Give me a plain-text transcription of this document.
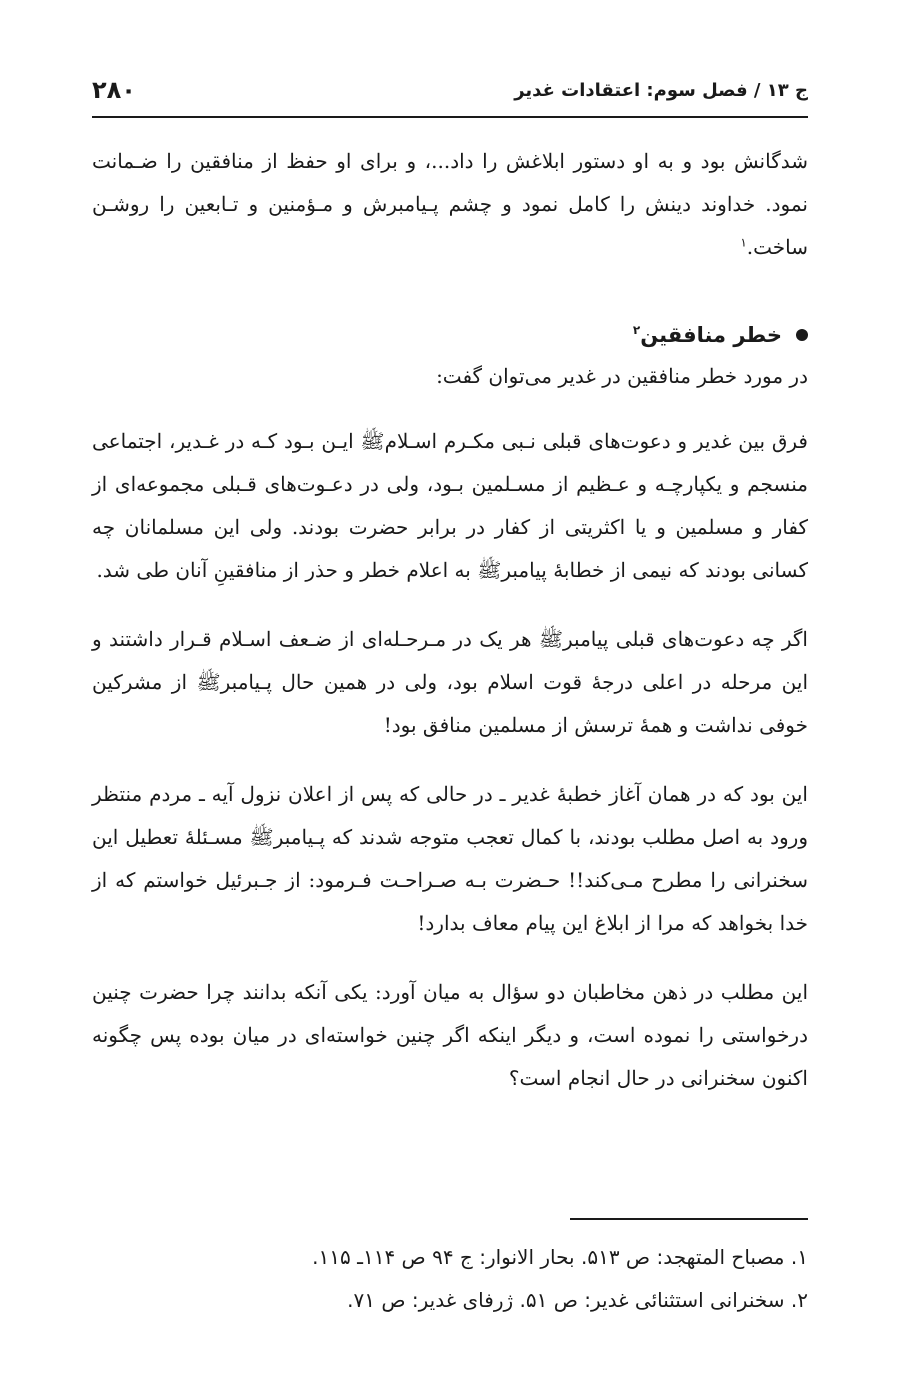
ج ۱۳ / فصل سوم: اعتقادات غدیر
۲۸۰

شدگانش بود و به او دستور ابلاغش را داد...، و برای او حفظ از منافقین را ضـمانت نمود. خداوند دینش را کامل نمود و چشم پـیامبرش و مـؤمنین و تـابعین را روشـن ساخت.$^۱$

خطر منافقین$^۲$

در مورد خطر منافقین در غدیر می‌توان گفت:

فرق بین غدیر و دعوت‌های قبلی نـبی مکـرم اسـلامﷺ ایـن بـود کـه در غـدیر، اجتماعی منسجم و یکپارچـه و عـظیم از مسـلمین بـود، ولی در دعـوت‌های قـبلی مجموعه‌ای از کفار و مسلمین و یا اکثریتی از کفار در برابر حضرت بودند. ولی این مسلمانان چه کسانی بودند که نیمی از خطابهٔ پیامبرﷺ به اعلام خطر و حذر از منافقینِ آنان طی شد.

اگر چه دعوت‌های قبلی پیامبرﷺ هر یک در مـرحـله‌ای از ضـعف اسـلام قـرار داشتند و این مرحله در اعلی درجهٔ قوت اسلام بود، ولی در همین حال پـیامبرﷺ از مشرکین خوفی نداشت و همهٔ ترسش از مسلمین منافق بود!

این بود که در همان آغاز خطبهٔ غدیر ـ در حالی که پس از اعلان نزول آیه ـ مردم منتظر ورود به اصل مطلب بودند، با کمال تعجب متوجه شدند که پـیامبرﷺ مسـئلهٔ تعطیل این سخنرانی را مطرح مـی‌کند!! حـضرت بـه صـراحـت فـرمود: از جـبرئیل خواستم که از خدا بخواهد که مرا از ابلاغ این پیام معاف بدارد!

این مطلب در ذهن مخاطبان دو سؤال به میان آورد: یکی آنکه بدانند چرا حضرت چنین درخواستی را نموده است، و دیگر اینکه اگر چنین خواسته‌ای در میان بوده پس چگونه اکنون سخنرانی در حال انجام است؟

۱. مصباح المتهجد: ص ۵۱۳. بحار الانوار: ج ۹۴ ص ۱۱۴ـ ۱۱۵.

۲. سخنرانی استثنائی غدیر: ص ۵۱. ژرفای غدیر: ص ۷۱.
